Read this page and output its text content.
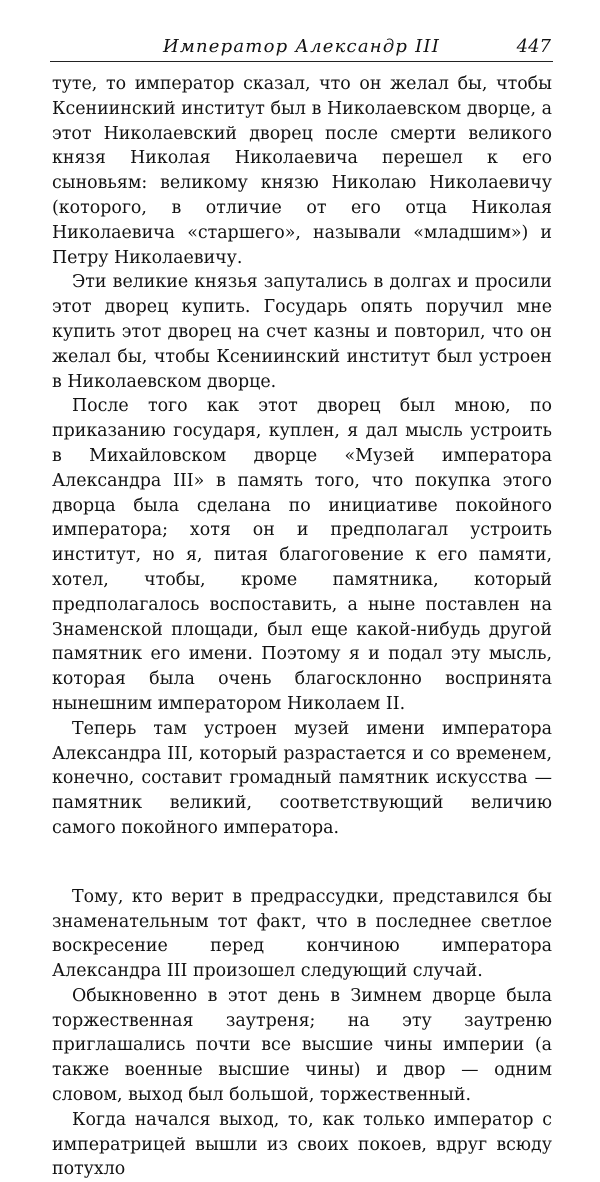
Император Александр III	447

туте, то император сказал, что он желал бы, чтобы Ксениинский институт был в Николаевском дворце, а этот Николаевский дворец после смерти великого князя Николая Николаевича перешел к его сыновьям: великому князю Николаю Николаевичу (которого, в отличие от его отца Николая Николаевича «старшего», называли «младшим») и Петру Николаевичу.

Эти великие князья запутались в долгах и просили этот дворец купить. Государь опять поручил мне купить этот дворец на счет казны и повторил, что он желал бы, чтобы Ксениинский институт был устроен в Николаевском дворце.

После того как этот дворец был мною, по приказанию государя, куплен, я дал мысль устроить в Михайловском дворце «Музей императора Александра III» в память того, что покупка этого дворца была сделана по инициативе покойного императора; хотя он и предполагал устроить институт, но я, питая благоговение к его памяти, хотел, чтобы, кроме памятника, который предполагалось воспоставить, а ныне поставлен на Знаменской площади, был еще какой-нибудь другой памятник его имени. Поэтому я и подал эту мысль, которая была очень благосклонно воспринята нынешним императором Николаем II.

Теперь там устроен музей имени императора Александра III, который разрастается и со временем, конечно, составит громадный памятник искусства — памятник великий, соответствующий величию самого покойного императора.

Тому, кто верит в предрассудки, представился бы знаменательным тот факт, что в последнее светлое воскресение перед кончиною императора Александра III произошел следующий случай.

Обыкновенно в этот день в Зимнем дворце была торжественная заутреня; на эту заутреню приглашались почти все высшие чины империи (а также военные высшие чины) и двор — одним словом, выход был большой, торжественный.

Когда начался выход, то, как только император с императрицей вышли из своих покоев, вдруг всюду потухло
